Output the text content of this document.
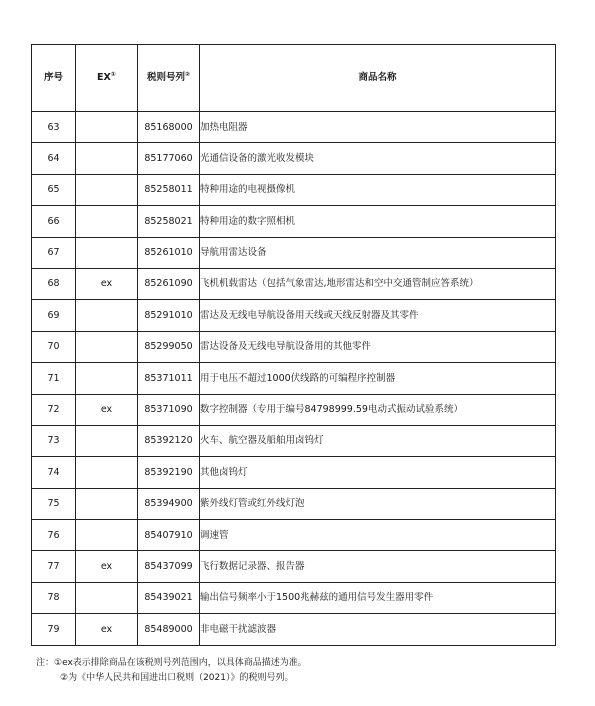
序号	EX①	税则号列②	商品名称
63		85168000	加热电阻器
64		85177060	光通信设备的激光收发模块
65		85258011	特种用途的电视摄像机
66		85258021	特种用途的数字照相机
67		85261010	导航用雷达设备
68	ex	85261090	飞机机载雷达（包括气象雷达,地形雷达和空中交通管制应答系统）
69		85291010	雷达及无线电导航设备用天线或天线反射器及其零件
70		85299050	雷达设备及无线电导航设备用的其他零件
71		85371011	用于电压不超过1000伏线路的可编程序控制器
72	ex	85371090	数字控制器（专用于编号84798999.59电动式振动试验系统）
73		85392120	火车、航空器及船舶用卤钨灯
74		85392190	其他卤钨灯
75		85394900	紫外线灯管或红外线灯泡
76		85407910	调速管
77	ex	85437099	飞行数据记录器、报告器
78		85439021	输出信号频率小于1500兆赫兹的通用信号发生器用零件
79	ex	85489000	非电磁干扰滤波器
注：①ex表示排除商品在该税则号列范围内，以具体商品描述为准。
②为《中华人民共和国进出口税则（2021）》的税则号列。
